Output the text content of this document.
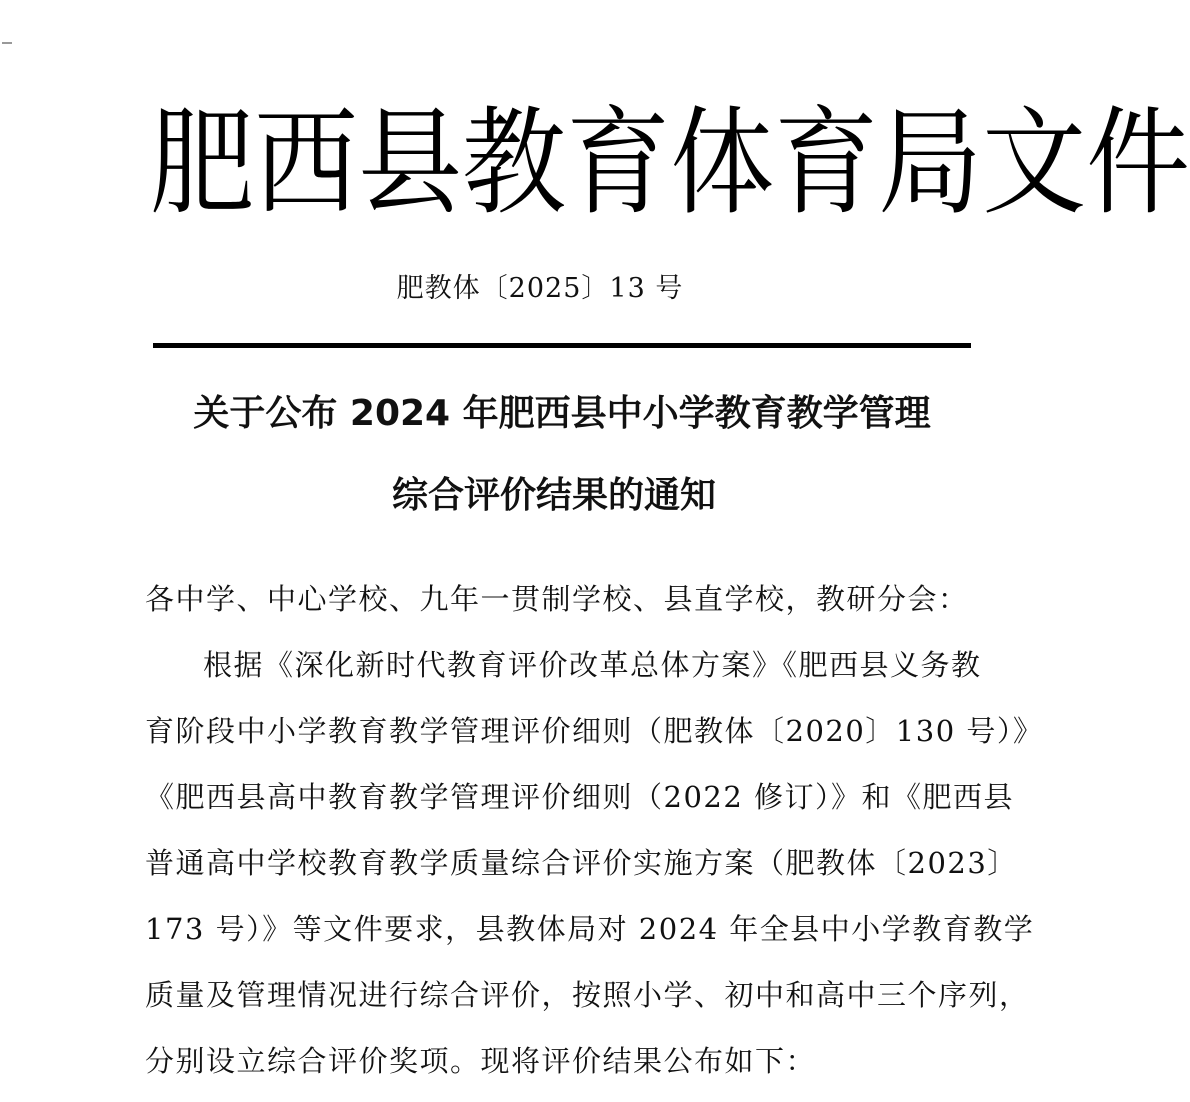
肥 西 县 教 育 体 育 局 文 件
肥教体〔2025〕13 号
关于公布 2024 年肥西县中小学教育教学管理
综合评价结果的通知
各中学、中心学校、九年一贯制学校、县直学校，教研分会：
根据《深化新时代教育评价改革总体方案》《肥西县义务教
育阶段中小学教育教学管理评价细则（肥教体〔2020〕130 号）》
《肥西县高中教育教学管理评价细则（2022 修订）》和《肥西县
普通高中学校教育教学质量综合评价实施方案（肥教体〔2023〕
173 号）》等文件要求，县教体局对 2024 年全县中小学教育教学
质量及管理情况进行综合评价，按照小学、初中和高中三个序列，
分别设立综合评价奖项。现将评价结果公布如下：
